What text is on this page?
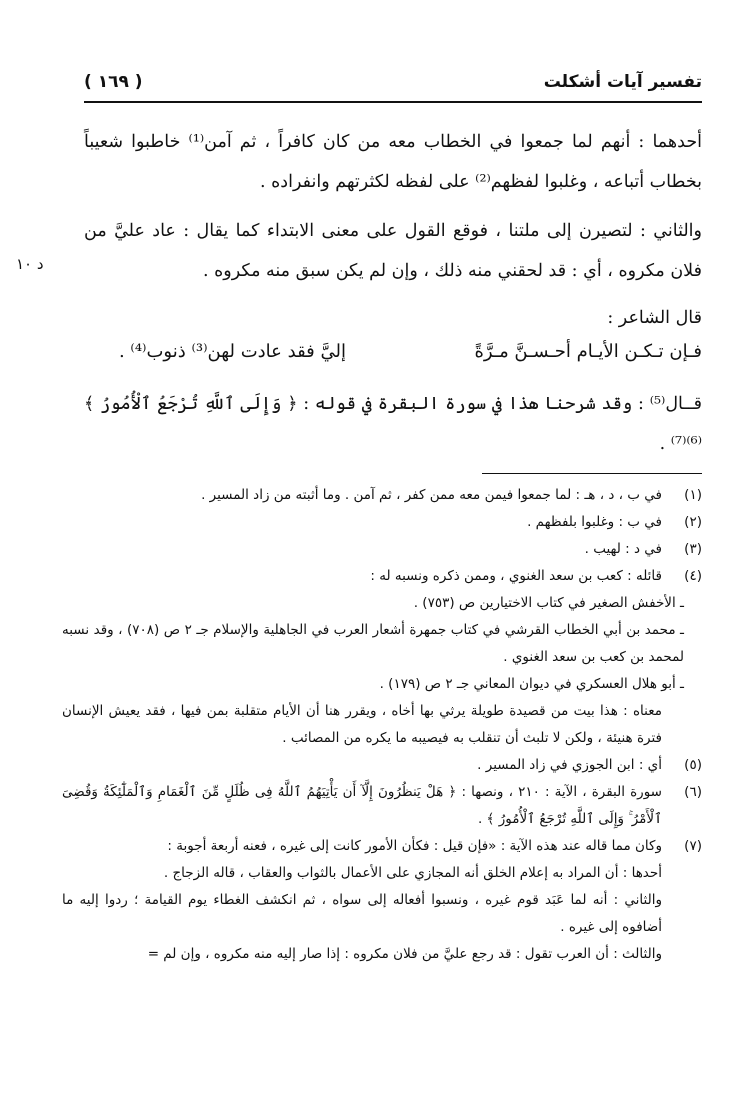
تفسير آيات أشكلت
( ١٦٩ )
د ١٠

أحدهما : أنهم لما جمعوا في الخطاب معه من كان كافراً ، ثم آمن⁽¹⁾ خاطبوا شعيباً بخطاب أتباعه ، وغلبوا لفظهم⁽²⁾ على لفظه لكثرتهم وانفراده .

والثاني : لتصيرن إلى ملتنا ، فوقع القول على معنى الابتداء كما يقال : عاد عليَّ من فلان مكروه ، أي : قد لحقني منه ذلك ، وإن لم يكن سبق منه مكروه .

قال الشاعر :

فـإن تـكـن الأيـام أحـسـنَّ مـرَّةً
إليَّ فقد عادت لهن⁽³⁾ ذنوب⁽⁴⁾ .

قــال⁽⁵⁾ : وقد شرحنا هذا في سورة البقرة في قوله : ﴿ وَإِلَى ٱللَّهِ تُرْجَعُ ٱلْأُمُورُ ﴾⁽⁶⁾⁽⁷⁾ .

(١)
في ب ، د ، هـ : لما جمعوا فيمن معه ممن كفر ، ثم آمن . وما أثبته من زاد المسير .
(٢)
في ب : وغلبوا بلفظهم .
(٣)
في د : لهيب .
(٤)
قائله : كعب بن سعد الغنوي ، وممن ذكره ونسبه له :
ـ الأخفش الصغير في كتاب الاختيارين ص (٧٥٣) .
ـ محمد بن أبي الخطاب القرشي في كتاب جمهرة أشعار العرب في الجاهلية والإسلام جـ ٢ ص (٧٠٨) ، وقد نسبه لمحمد بن كعب بن سعد الغنوي .
ـ أبو هلال العسكري في ديوان المعاني جـ ٢ ص (١٧٩) .
معناه : هذا بيت من قصيدة طويلة يرثي بها أخاه ، ويقرر هنا أن الأيام متقلبة بمن فيها ، فقد يعيش الإنسان فترة هنيئة ، ولكن لا تلبث أن تنقلب به فيصيبه ما يكره من المصائب .
(٥)
أي : ابن الجوزي في زاد المسير .
(٦)
سورة البقرة ، الآية : ٢١٠ ، ونصها : ﴿ هَلْ يَنظُرُونَ إِلَّآ أَن يَأْتِيَهُمُ ٱللَّهُ فِى ظُلَلٍ مِّنَ ٱلْغَمَامِ وَٱلْمَلَٰٓئِكَةُ وَقُضِىَ ٱلْأَمْرُ ۚ وَإِلَى ٱللَّهِ تُرْجَعُ ٱلْأُمُورُ ﴾ .
(٧)
وكان مما قاله عند هذه الآية : «فإن قيل : فكأن الأمور كانت إلى غيره ، فعنه أربعة أجوبة :
أحدها : أن المراد به إعلام الخلق أنه المجازي على الأعمال بالثواب والعقاب ، قاله الزجاج .
والثاني : أنه لما عَبَد قوم غيره ، ونسبوا أفعاله إلى سواه ، ثم انكشف الغطاء يوم القيامة ؛ ردوا إليه ما أضافوه إلى غيره .
والثالث : أن العرب تقول : قد رجع عليَّ من فلان مكروه : إذا صار إليه منه مكروه ، وإن لم =
